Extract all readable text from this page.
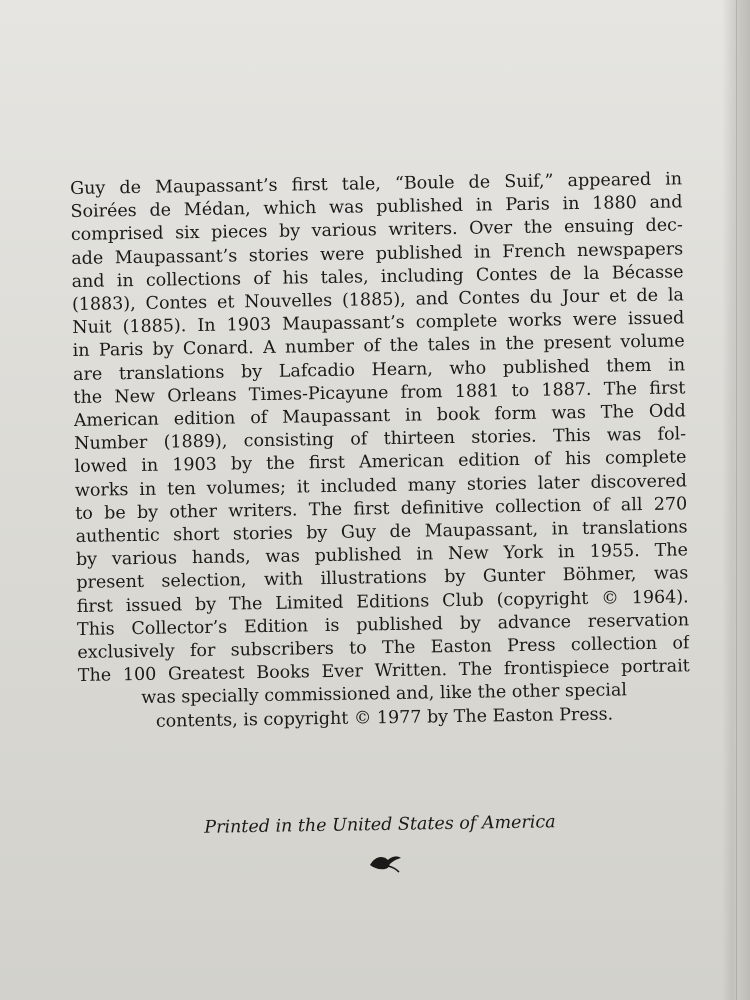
Guy de Maupassant’s first tale, “Boule de Suif,” appeared in
Soirées de Médan, which was published in Paris in 1880 and
comprised six pieces by various writers. Over the ensuing dec-
ade Maupassant’s stories were published in French newspapers
and in collections of his tales, including Contes de la Bécasse
(1883), Contes et Nouvelles (1885), and Contes du Jour et de la
Nuit (1885). In 1903 Maupassant’s complete works were issued
in Paris by Conard. A number of the tales in the present volume
are translations by Lafcadio Hearn, who published them in
the New Orleans Times-Picayune from 1881 to 1887. The first
American edition of Maupassant in book form was The Odd
Number (1889), consisting of thirteen stories. This was fol-
lowed in 1903 by the first American edition of his complete
works in ten volumes; it included many stories later discovered
to be by other writers. The first definitive collection of all 270
authentic short stories by Guy de Maupassant, in translations
by various hands, was published in New York in 1955. The
present selection, with illustrations by Gunter Böhmer, was
first issued by The Limited Editions Club (copyright © 1964).
This Collector’s Edition is published by advance reservation
exclusively for subscribers to The Easton Press collection of
The 100 Greatest Books Ever Written. The frontispiece portrait
was specially commissioned and, like the other special
contents, is copyright © 1977 by The Easton Press.
Printed in the United States of America
